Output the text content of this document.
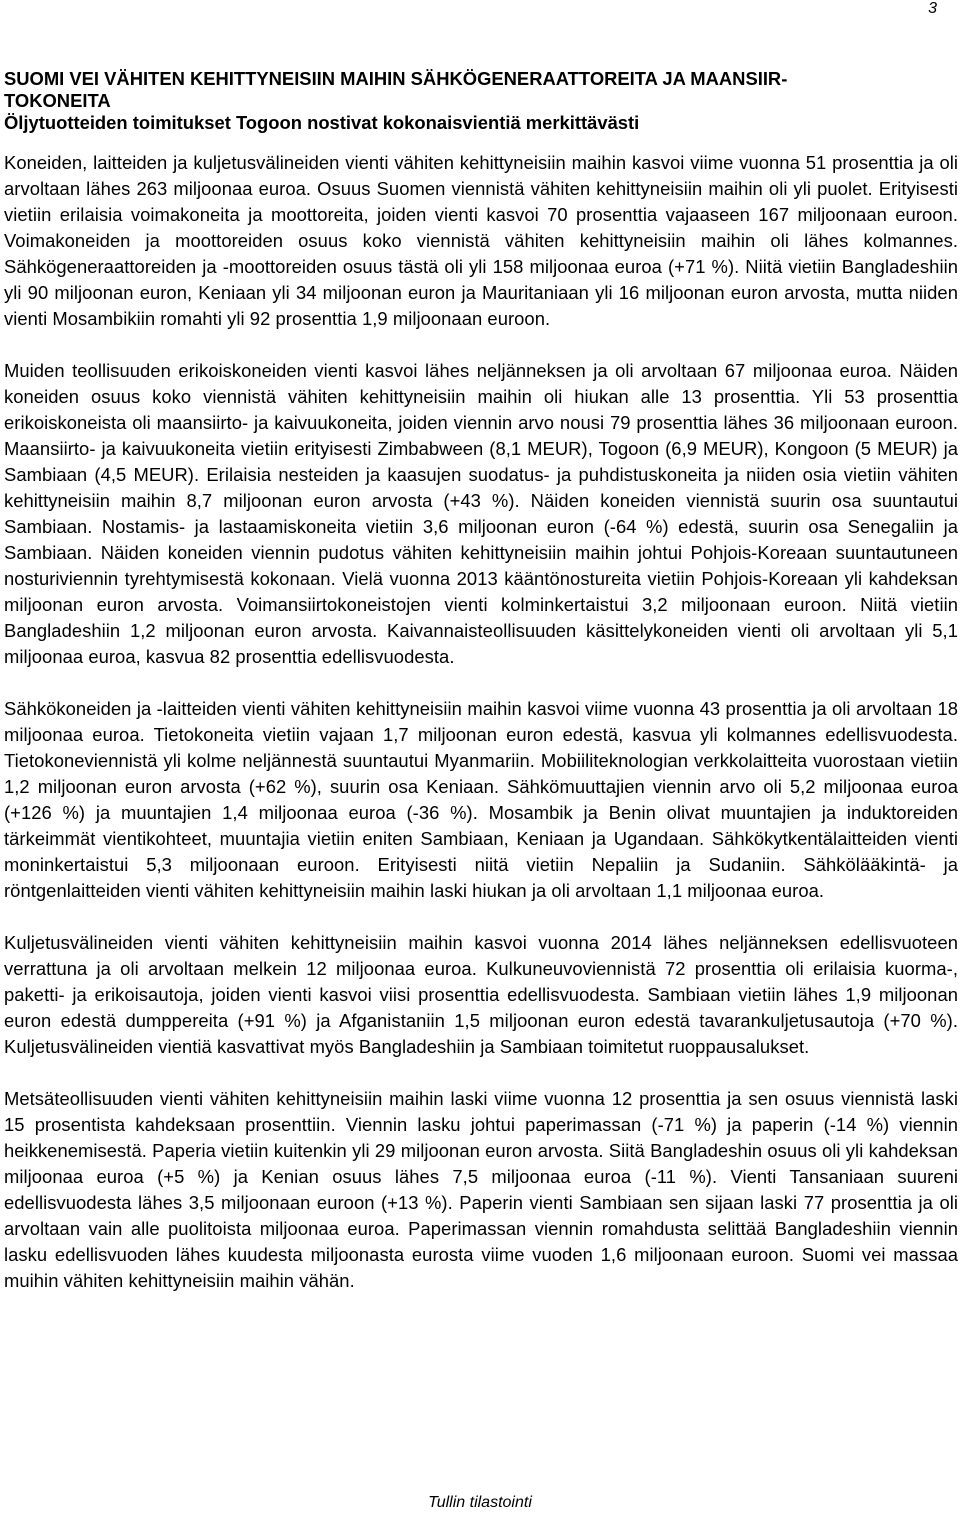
3
SUOMI VEI VÄHITEN KEHITTYNEISIIN MAIHIN SÄHKÖGENERAATTOREITA JA MAANSIIR-
TOKONEITA
Öljytuotteiden toimitukset Togoon nostivat kokonaisvientiä merkittävästi

Koneiden, laitteiden ja kuljetusvälineiden vienti vähiten kehittyneisiin maihin kasvoi viime vuonna 51 prosenttia ja oli arvoltaan lähes 263 miljoonaa euroa. Osuus Suomen viennistä vähiten kehittyneisiin maihin oli yli puolet. Erityisesti vietiin erilaisia voimakoneita ja moottoreita, joiden vienti kasvoi 70 prosenttia vajaaseen 167 miljoonaan euroon. Voimakoneiden ja moottoreiden osuus koko viennistä vähiten kehittyneisiin maihin oli lähes kolmannes. Sähkögeneraattoreiden ja -moottoreiden osuus tästä oli yli 158 miljoonaa euroa (+71 %). Niitä vietiin Bangladeshiin yli 90 miljoonan euron, Keniaan yli 34 miljoonan euron ja Mauritaniaan yli 16 miljoonan euron arvosta, mutta niiden vienti Mosambikiin romahti yli 92 prosenttia 1,9 miljoonaan euroon.

Muiden teollisuuden erikoiskoneiden vienti kasvoi lähes neljänneksen ja oli arvoltaan 67 miljoonaa euroa. Näiden koneiden osuus koko viennistä vähiten kehittyneisiin maihin oli hiukan alle 13 prosenttia. Yli 53 prosenttia erikoiskoneista oli maansiirto- ja kaivuukoneita, joiden viennin arvo nousi 79 prosenttia lähes 36 miljoonaan euroon. Maansiirto- ja kaivuukoneita vietiin erityisesti Zimbabween (8,1 MEUR), Togoon (6,9 MEUR), Kongoon (5 MEUR) ja Sambiaan (4,5 MEUR). Erilaisia nesteiden ja kaasujen suodatus- ja puhdistuskoneita ja niiden osia vietiin vähiten kehittyneisiin maihin 8,7 miljoonan euron arvosta (+43 %). Näiden koneiden viennistä suurin osa suuntautui Sambiaan. Nostamis- ja lastaamiskoneita vietiin 3,6 miljoonan euron (-64 %) edestä, suurin osa Senegaliin ja Sambiaan. Näiden koneiden viennin pudotus vähiten kehittyneisiin maihin johtui Pohjois-Koreaan suuntautuneen nosturiviennin tyrehtymisestä kokonaan. Vielä vuonna 2013 kääntönostureita vietiin Pohjois-Koreaan yli kahdeksan miljoonan euron arvosta. Voimansiirtokoneistojen vienti kolminkertaistui 3,2 miljoonaan euroon. Niitä vietiin Bangladeshiin 1,2 miljoonan euron arvosta. Kaivannaisteollisuuden käsittelykoneiden vienti oli arvoltaan yli 5,1 miljoonaa euroa, kasvua 82 prosenttia edellisvuodesta.

Sähkökoneiden ja -laitteiden vienti vähiten kehittyneisiin maihin kasvoi viime vuonna 43 prosenttia ja oli arvoltaan 18 miljoonaa euroa. Tietokoneita vietiin vajaan 1,7 miljoonan euron edestä, kasvua yli kolmannes edellisvuodesta. Tietokoneviennistä yli kolme neljännestä suuntautui Myanmariin. Mobiiliteknologian verkkolaitteita vuorostaan vietiin 1,2 miljoonan euron arvosta (+62 %), suurin osa Keniaan. Sähkömuuttajien viennin arvo oli 5,2 miljoonaa euroa (+126 %) ja muuntajien 1,4 miljoonaa euroa (-36 %). Mosambik ja Benin olivat muuntajien ja induktoreiden tärkeimmät vientikohteet, muuntajia vietiin eniten Sambiaan, Keniaan ja Ugandaan. Sähkökytkentälaitteiden vienti moninkertaistui 5,3 miljoonaan euroon. Erityisesti niitä vietiin Nepaliin ja Sudaniin. Sähkölääkintä- ja röntgenlaitteiden vienti vähiten kehittyneisiin maihin laski hiukan ja oli arvoltaan 1,1 miljoonaa euroa.

Kuljetusvälineiden vienti vähiten kehittyneisiin maihin kasvoi vuonna 2014 lähes neljänneksen edellisvuoteen verrattuna ja oli arvoltaan melkein 12 miljoonaa euroa. Kulkuneuvoviennistä 72 prosenttia oli erilaisia kuorma-, paketti- ja erikoisautoja, joiden vienti kasvoi viisi prosenttia edellisvuodesta. Sambiaan vietiin lähes 1,9 miljoonan euron edestä dumppereita (+91 %) ja Afganistaniin 1,5 miljoonan euron edestä tavarankuljetusautoja (+70 %). Kuljetusvälineiden vientiä kasvattivat myös Bangladeshiin ja Sambiaan toimitetut ruoppausalukset.

Metsäteollisuuden vienti vähiten kehittyneisiin maihin laski viime vuonna 12 prosenttia ja sen osuus viennistä laski 15 prosentista kahdeksaan prosenttiin. Viennin lasku johtui paperimassan (-71 %) ja paperin (-14 %) viennin heikkenemisestä. Paperia vietiin kuitenkin yli 29 miljoonan euron arvosta. Siitä Bangladeshin osuus oli yli kahdeksan miljoonaa euroa (+5 %) ja Kenian osuus lähes 7,5 miljoonaa euroa (-11 %). Vienti Tansaniaan suureni edellisvuodesta lähes 3,5 miljoonaan euroon (+13 %). Paperin vienti Sambiaan sen sijaan laski 77 prosenttia ja oli arvoltaan vain alle puolitoista miljoonaa euroa. Paperimassan viennin romahdusta selittää Bangladeshiin viennin lasku edellisvuoden lähes kuudesta miljoonasta eurosta viime vuoden 1,6 miljoonaan euroon. Suomi vei massaa muihin vähiten kehittyneisiin maihin vähän.

Tullin tilastointi
